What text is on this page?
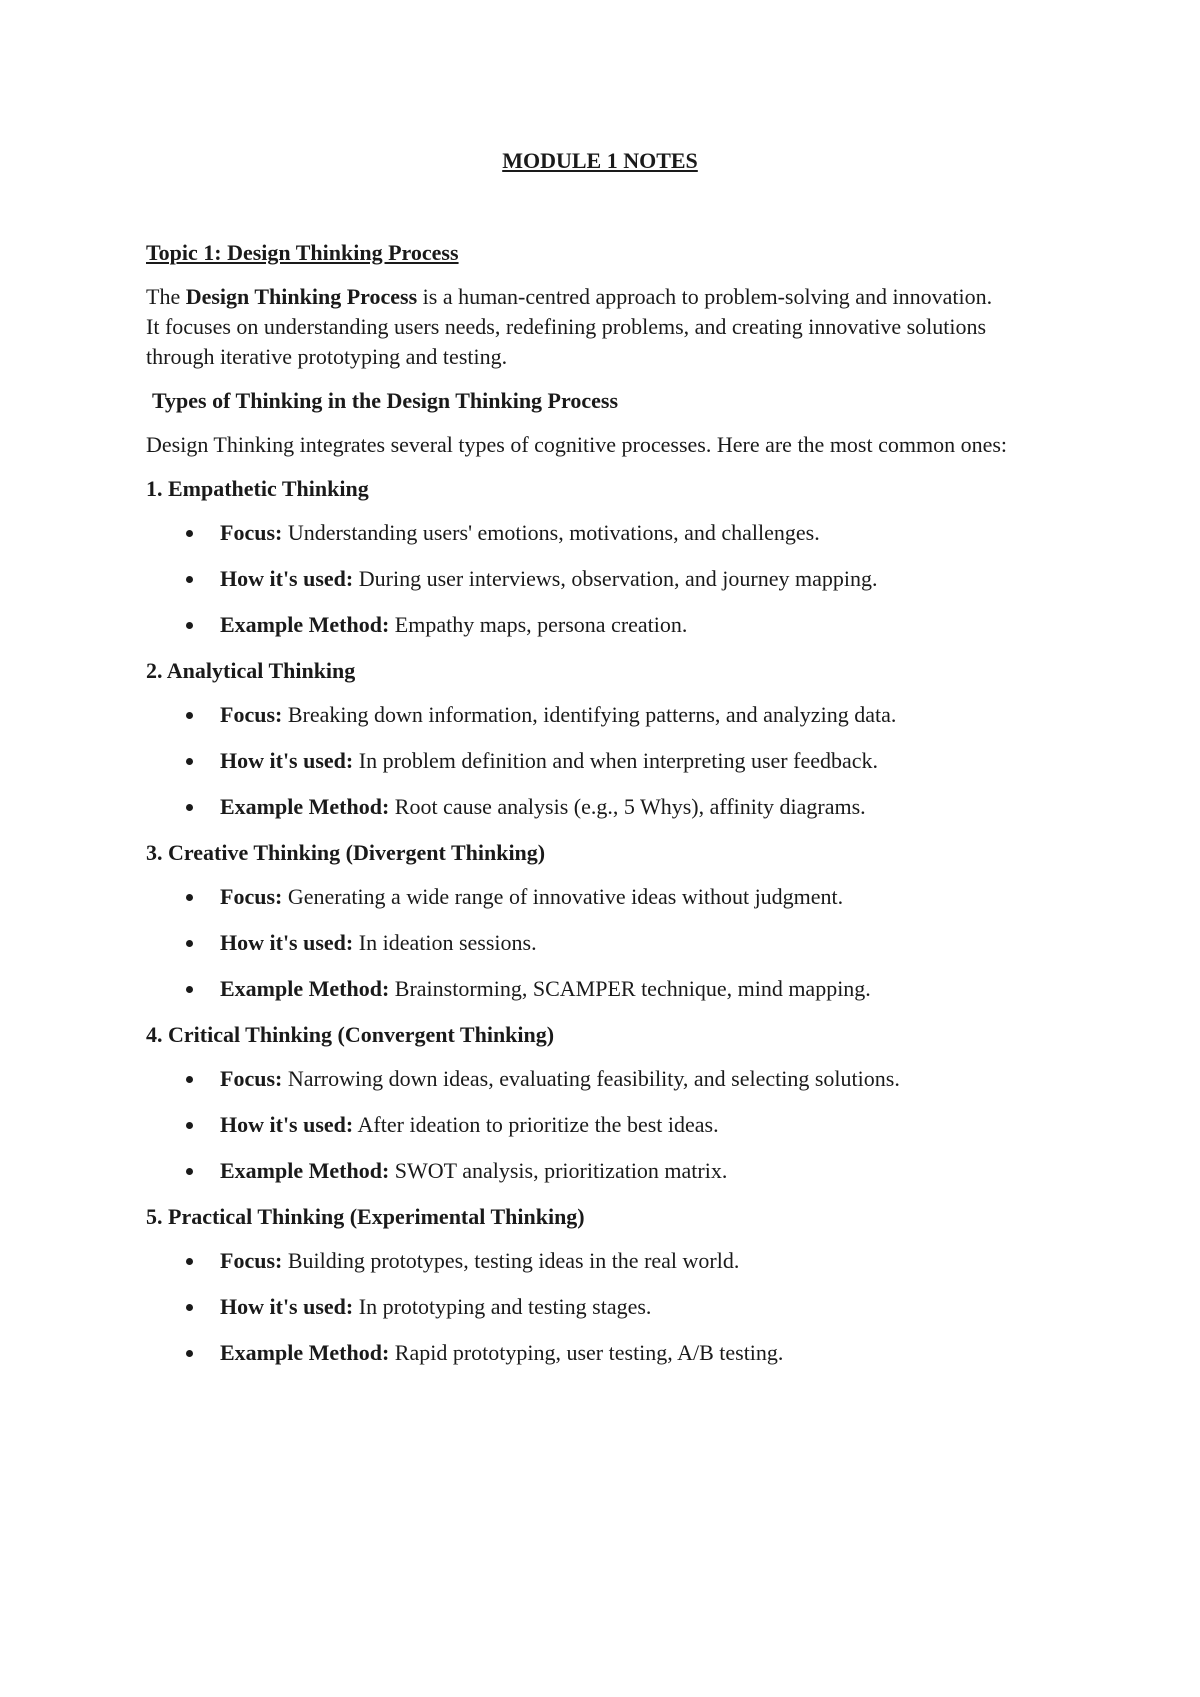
MODULE 1 NOTES
Topic 1: Design Thinking Process

The Design Thinking Process is a human-centred approach to problem-solving and innovation. It focuses on understanding users needs, redefining problems, and creating innovative solutions through iterative prototyping and testing.

Types of Thinking in the Design Thinking Process

Design Thinking integrates several types of cognitive processes. Here are the most common ones:

1. Empathetic Thinking
Focus: Understanding users' emotions, motivations, and challenges.
How it's used: During user interviews, observation, and journey mapping.
Example Method: Empathy maps, persona creation.
2. Analytical Thinking
Focus: Breaking down information, identifying patterns, and analyzing data.
How it's used: In problem definition and when interpreting user feedback.
Example Method: Root cause analysis (e.g., 5 Whys), affinity diagrams.
3. Creative Thinking (Divergent Thinking)
Focus: Generating a wide range of innovative ideas without judgment.
How it's used: In ideation sessions.
Example Method: Brainstorming, SCAMPER technique, mind mapping.
4. Critical Thinking (Convergent Thinking)
Focus: Narrowing down ideas, evaluating feasibility, and selecting solutions.
How it's used: After ideation to prioritize the best ideas.
Example Method: SWOT analysis, prioritization matrix.
5. Practical Thinking (Experimental Thinking)
Focus: Building prototypes, testing ideas in the real world.
How it's used: In prototyping and testing stages.
Example Method: Rapid prototyping, user testing, A/B testing.
